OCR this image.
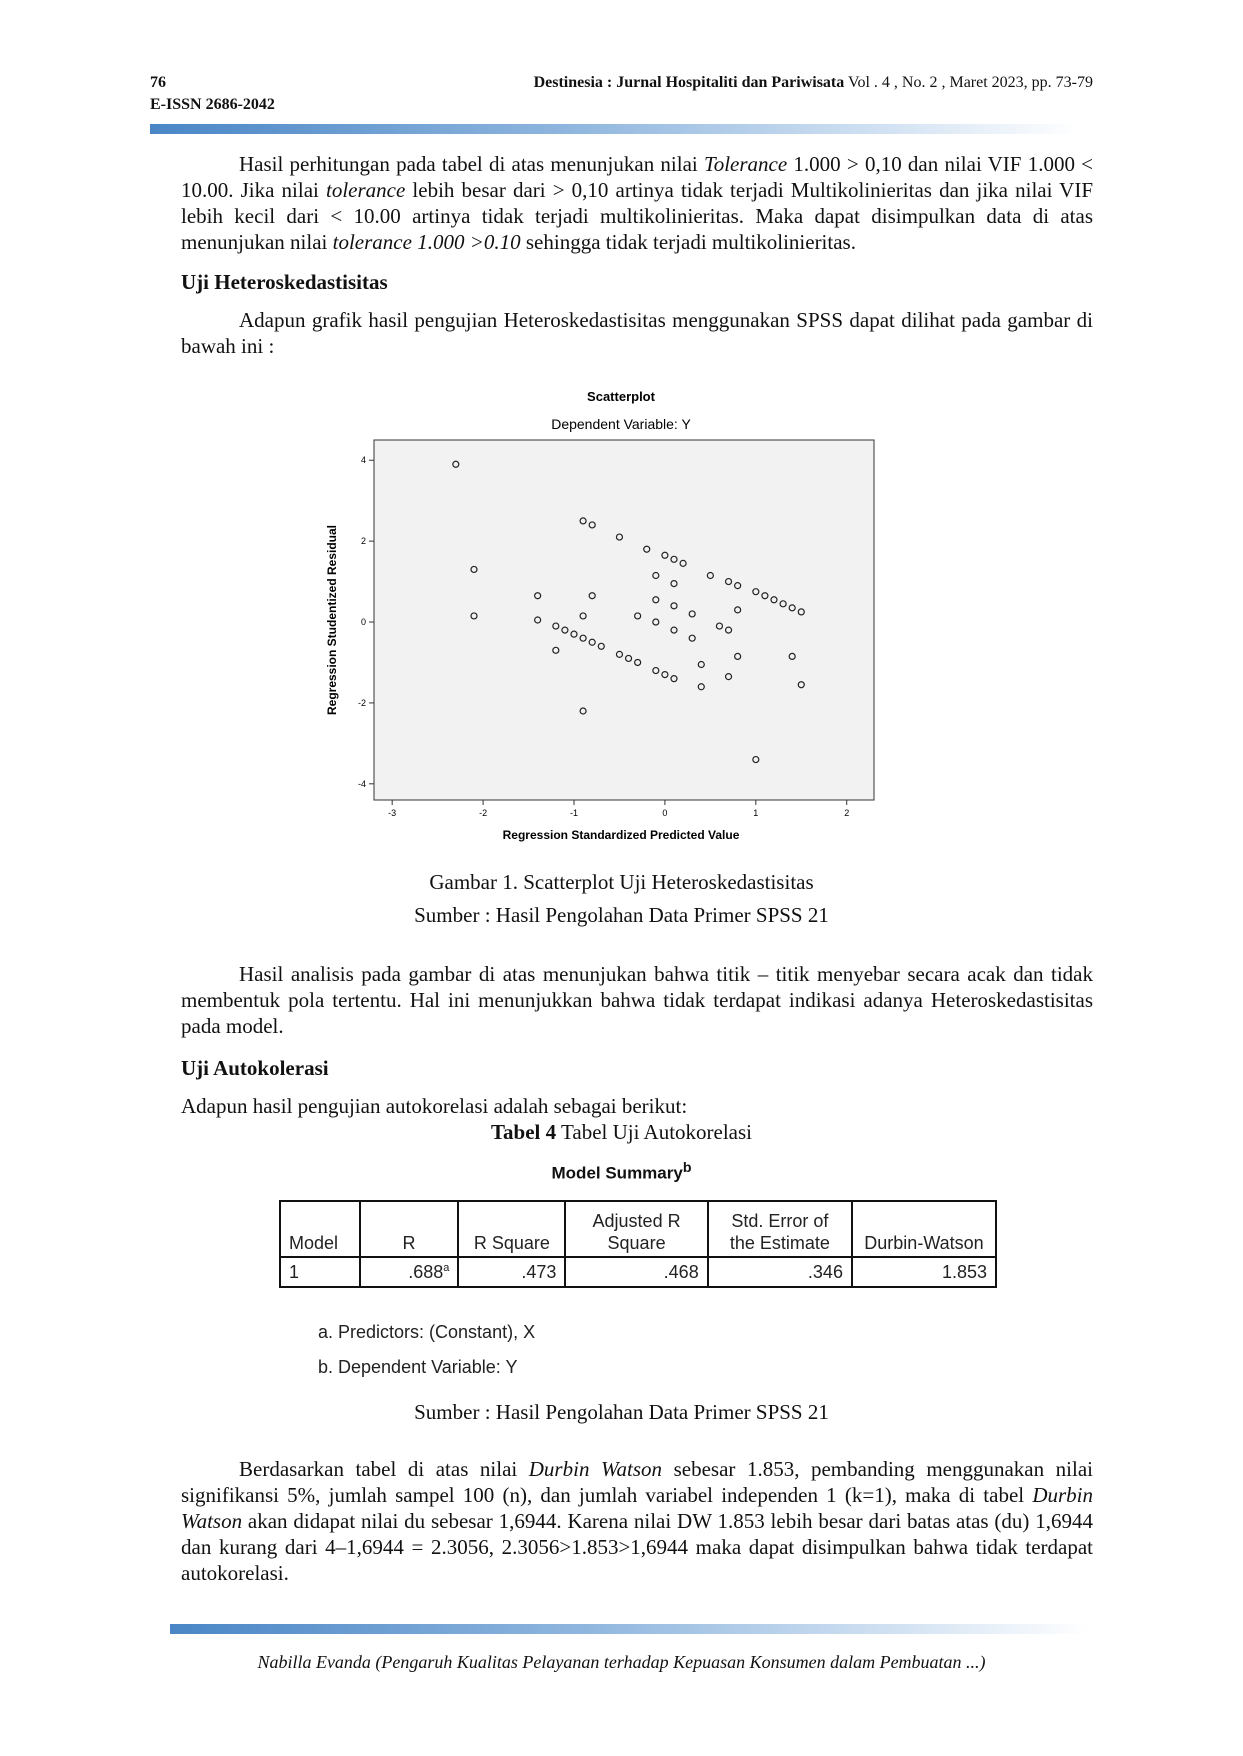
76
E-ISSN 2686-2042
Destinesia : Jurnal Hospitaliti dan Pariwisata Vol . 4 , No. 2 , Maret 2023, pp. 73-79
Hasil perhitungan pada tabel di atas menunjukan nilai Tolerance 1.000 > 0,10 dan nilai VIF 1.000 < 10.00. Jika nilai tolerance lebih besar dari > 0,10 artinya tidak terjadi Multikolinieritas dan jika nilai VIF lebih kecil dari < 10.00 artinya tidak terjadi multikolinieritas. Maka dapat disimpulkan data di atas menunjukan nilai tolerance 1.000 >0.10 sehingga tidak terjadi multikolinieritas.
Uji Heteroskedastisitas
Adapun grafik hasil pengujian Heteroskedastisitas menggunakan SPSS dapat dilihat pada gambar di bawah ini :
Scatterplot
Dependent Variable: Y
-3	-2	-1	0	1	2
-4
-2
0
2
4
Regression Standardized Predicted Value
Regression Studentized Residual
Gambar 1. Scatterplot Uji Heteroskedastisitas
Sumber : Hasil Pengolahan Data Primer SPSS 21
Hasil analisis pada gambar di atas menunjukan bahwa titik – titik menyebar secara acak dan tidak membentuk pola tertentu. Hal ini menunjukkan bahwa tidak terdapat indikasi adanya Heteroskedastisitas pada model.
Uji Autokolerasi
Adapun hasil pengujian autokorelasi adalah sebagai berikut:
Tabel 4 Tabel Uji Autokorelasi
Model Summary$^b$
Model	R	R Square	Adjusted R Square	Std. Error of the Estimate	Durbin-Watson
1	.688$^a$	.473	.468	.346	1.853
a. Predictors: (Constant), X
b. Dependent Variable: Y
Sumber : Hasil Pengolahan Data Primer SPSS 21
Berdasarkan tabel di atas nilai Durbin Watson sebesar 1.853, pembanding menggunakan nilai signifikansi 5%, jumlah sampel 100 (n), dan jumlah variabel independen 1 (k=1), maka di tabel Durbin Watson akan didapat nilai du sebesar 1,6944. Karena nilai DW 1.853 lebih besar dari batas atas (du) 1,6944 dan kurang dari 4–1,6944 = 2.3056, 2.3056>1.853>1,6944 maka dapat disimpulkan bahwa tidak terdapat autokorelasi.
Nabilla Evanda (Pengaruh Kualitas Pelayanan terhadap Kepuasan Konsumen dalam Pembuatan ...)
